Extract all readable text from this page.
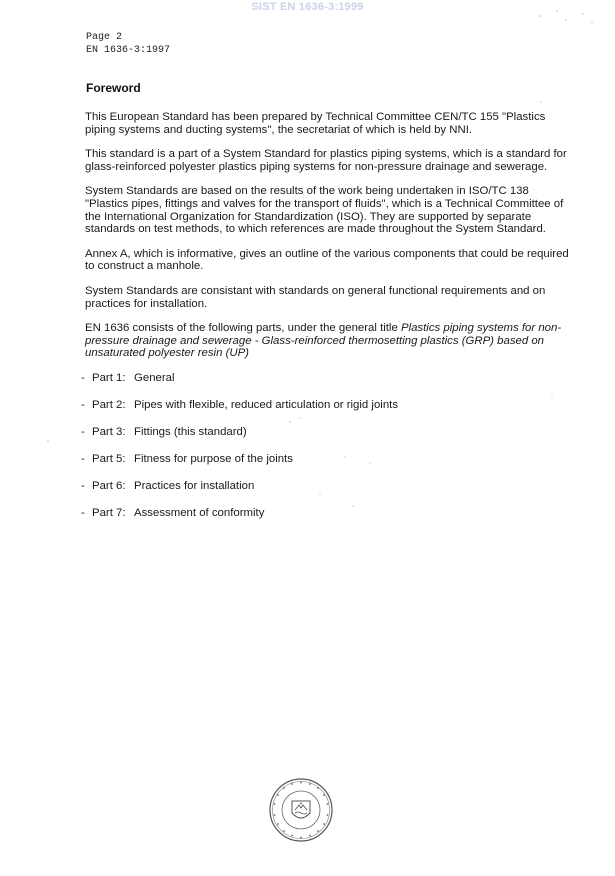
SIST EN 1636-3:1999
Page 2
EN 1636-3:1997
Foreword

This European Standard has been prepared by Technical Committee CEN/TC 155 "Plastics piping systems and ducting systems", the secretariat of which is held by NNI.

This standard is a part of a System Standard for plastics piping systems, which is a standard for glass-reinforced polyester plastics piping systems for non-pressure drainage and sewerage.

System Standards are based on the results of the work being undertaken in ISO/TC 138 "Plastics pipes, fittings and valves for the transport of fluids", which is a Technical Committee of the International Organization for Standardization (ISO). They are supported by separate standards on test methods, to which references are made throughout the System Standard.

Annex A, which is informative, gives an outline of the various components that could be required to construct a manhole.

System Standards are consistant with standards on general functional requirements and on practices for installation.

EN 1636 consists of the following parts, under the general title Plastics piping systems for non-pressure drainage and sewerage - Glass-reinforced thermosetting plastics (GRP) based on unsaturated polyester resin (UP)

- Part 1: General
- Part 2: Pipes with flexible, reduced articulation or rigid joints
- Part 3: Fittings (this standard)
- Part 5: Fitness for purpose of the joints
- Part 6: Practices for installation
- Part 7: Assessment of conformity
